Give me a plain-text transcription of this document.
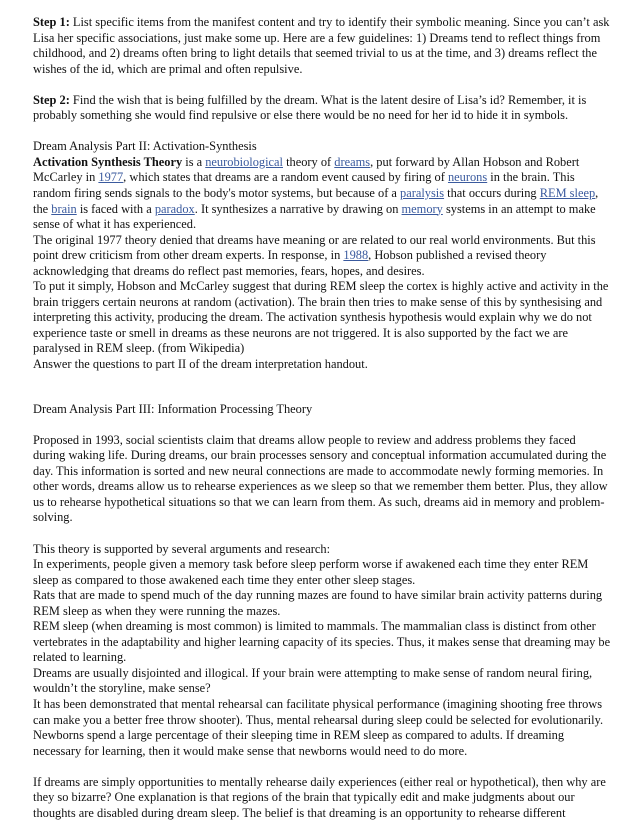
Step 1: List specific items from the manifest content and try to identify their symbolic meaning. Since you can’t ask Lisa her specific associations, just make some up. Here are a few guidelines: 1) Dreams tend to reflect things from childhood, and 2) dreams often bring to light details that seemed trivial to us at the time, and 3) dreams reflect the wishes of the id, which are primal and often repulsive.

Step 2: Find the wish that is being fulfilled by the dream. What is the latent desire of Lisa’s id? Remember, it is probably something she would find repulsive or else there would be no need for her id to hide it in symbols.

Dream Analysis Part II: Activation-Synthesis

Activation Synthesis Theory is a neurobiological theory of dreams, put forward by Allan Hobson and Robert McCarley in 1977, which states that dreams are a random event caused by firing of neurons in the brain. This random firing sends signals to the body's motor systems, but because of a paralysis that occurs during REM sleep, the brain is faced with a paradox. It synthesizes a narrative by drawing on memory systems in an attempt to make sense of what it has experienced.

The original 1977 theory denied that dreams have meaning or are related to our real world environments. But this point drew criticism from other dream experts. In response, in 1988, Hobson published a revised theory acknowledging that dreams do reflect past memories, fears, hopes, and desires.

To put it simply, Hobson and McCarley suggest that during REM sleep the cortex is highly active and activity in the brain triggers certain neurons at random (activation). The brain then tries to make sense of this by synthesising and interpreting this activity, producing the dream. The activation synthesis hypothesis would explain why we do not experience taste or smell in dreams as these neurons are not triggered. It is also supported by the fact we are paralysed in REM sleep. (from Wikipedia)

Answer the questions to part II of the dream interpretation handout.

Dream Analysis Part III: Information Processing Theory

Proposed in 1993, social scientists claim that dreams allow people to review and address problems they faced during waking life. During dreams, our brain processes sensory and conceptual information accumulated during the day. This information is sorted and new neural connections are made to accommodate newly forming memories. In other words, dreams allow us to rehearse experiences as we sleep so that we remember them better. Plus, they allow us to rehearse hypothetical situations so that we can learn from them. As such, dreams aid in memory and problem-solving.

This theory is supported by several arguments and research:

In experiments, people given a memory task before sleep perform worse if awakened each time they enter REM sleep as compared to those awakened each time they enter other sleep stages.

Rats that are made to spend much of the day running mazes are found to have similar brain activity patterns during REM sleep as when they were running the mazes.

REM sleep (when dreaming is most common) is limited to mammals. The mammalian class is distinct from other vertebrates in the adaptability and higher learning capacity of its species. Thus, it makes sense that dreaming may be related to learning.

Dreams are usually disjointed and illogical. If your brain were attempting to make sense of random neural firing, wouldn’t the storyline, make sense?

It has been demonstrated that mental rehearsal can facilitate physical performance (imagining shooting free throws can make you a better free throw shooter). Thus, mental rehearsal during sleep could be selected for evolutionarily.

Newborns spend a large percentage of their sleeping time in REM sleep as compared to adults. If dreaming necessary for learning, then it would make sense that newborns would need to do more.

If dreams are simply opportunities to mentally rehearse daily experiences (either real or hypothetical), then why are they so bizarre? One explanation is that regions of the brain that typically edit and make judgments about our thoughts are disabled during dream sleep. The belief is that dreaming is an opportunity to rehearse different
